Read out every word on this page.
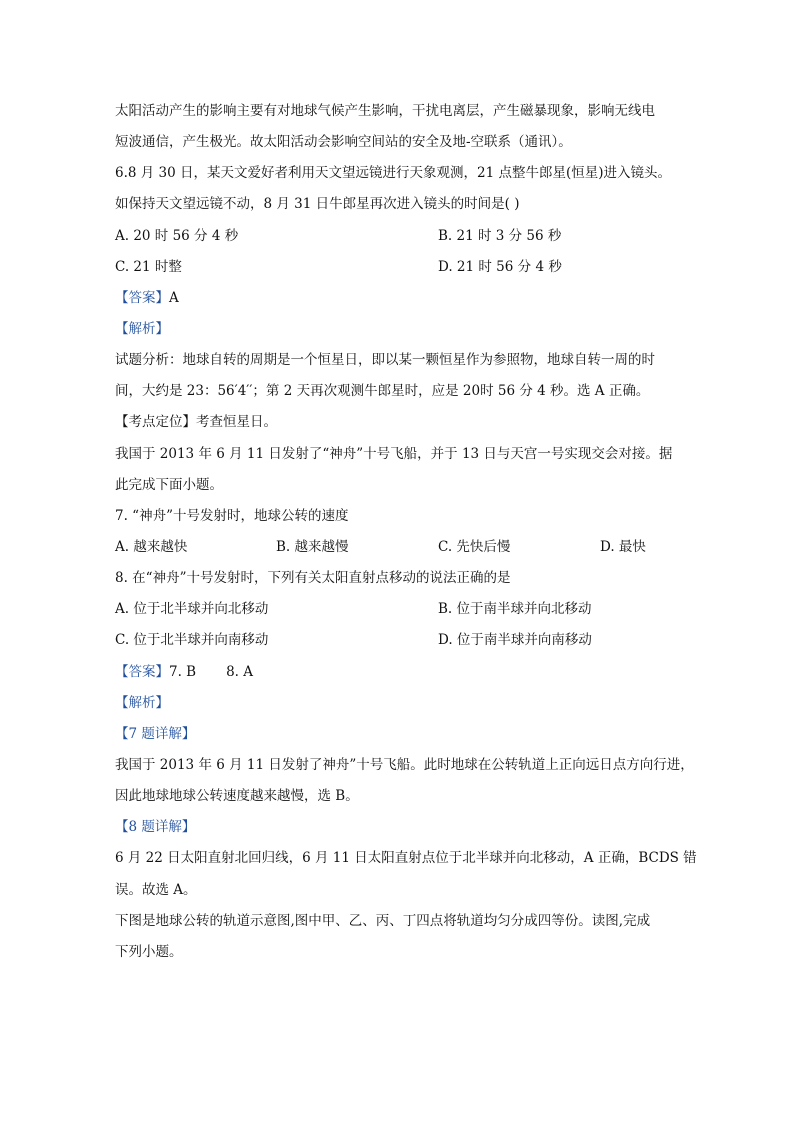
太阳活动产生的影响主要有对地球气候产生影响，干扰电离层，产生磁暴现象，影响无线电
短波通信，产生极光。故太阳活动会影响空间站的安全及地-空联系（通讯）。
6.8 月 30 日，某天文爱好者利用天文望远镜进行天象观测，21 点整牛郎星(恒星)进入镜头。
如保持天文望远镜不动，8 月 31 日牛郎星再次进入镜头的时间是( )
A. 20 时 56 分 4 秒	B. 21 时 3 分 56 秒
C. 21 时整	D. 21 时 56 分 4 秒
【答案】A
【解析】
试题分析：地球自转的周期是一个恒星日，即以某一颗恒星作为参照物，地球自转一周的时
间，大约是 23：56′4′′；第 2 天再次观测牛郎星时，应是 20时 56 分 4 秒。选 A 正确。
【考点定位】考查恒星日。
我国于 2013 年 6 月 11 日发射了“神舟”十号飞船，并于 13 日与天宫一号实现交会对接。据
此完成下面小题。
7. “神舟”十号发射时，地球公转的速度
A. 越来越快	B. 越来越慢	C. 先快后慢	D. 最快
8. 在“神舟”十号发射时，下列有关太阳直射点移动的说法正确的是
A. 位于北半球并向北移动	B. 位于南半球并向北移动
C. 位于北半球并向南移动	D. 位于南半球并向南移动
【答案】7. B 8. A
【解析】
【7 题详解】
我国于 2013 年 6 月 11 日发射了神舟”十号飞船。此时地球在公转轨道上正向远日点方向行进，
因此地球地球公转速度越来越慢，选 B。
【8 题详解】
6 月 22 日太阳直射北回归线，6 月 11 日太阳直射点位于北半球并向北移动，A 正确，BCDS 错
误。故选 A。
下图是地球公转的轨道示意图,图中甲、乙、丙、丁四点将轨道均匀分成四等份。读图,完成
下列小题。
